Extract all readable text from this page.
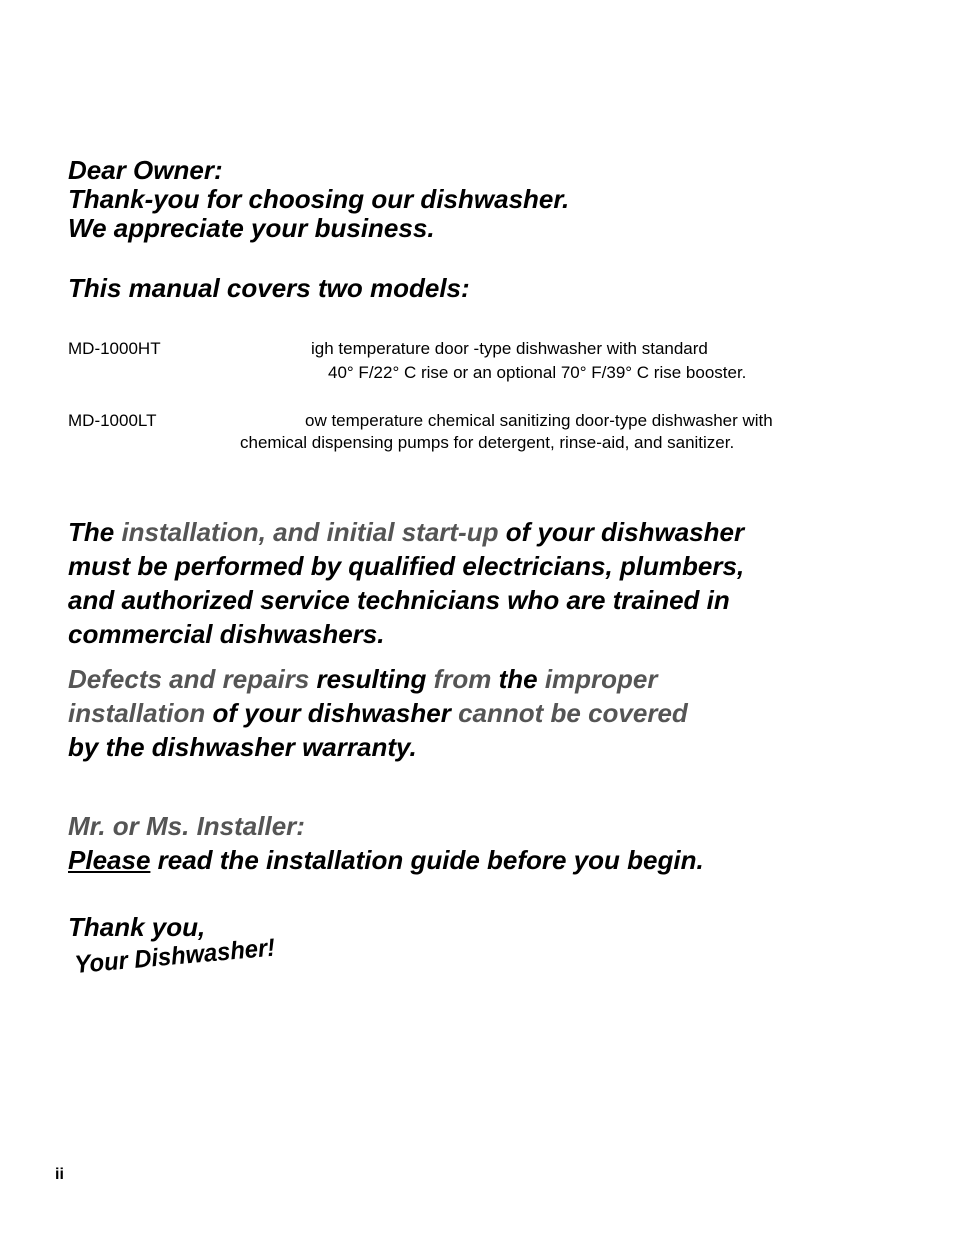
Dear Owner:
Thank-you for choosing our dishwasher.
We appreciate your business.
This manual covers two models:
MD-1000HT	igh temperature door -type dishwasher with standard
40° F/22° C rise or an optional 70° F/39° C rise booster.
MD-1000LT	ow temperature chemical sanitizing door-type dishwasher with
chemical dispensing pumps for detergent, rinse-aid, and sanitizer.
The installation, and initial start-up of your dishwasher
must be performed by qualified electricians, plumbers,
and authorized service technicians who are trained in
commercial dishwashers.
Defects and repairs resulting from the improper
installation of your dishwasher cannot be covered
by the dishwasher warranty.
Mr. or Ms. Installer:
Please read the installation guide before you begin.
Thank you,
Your Dishwasher!
ii
